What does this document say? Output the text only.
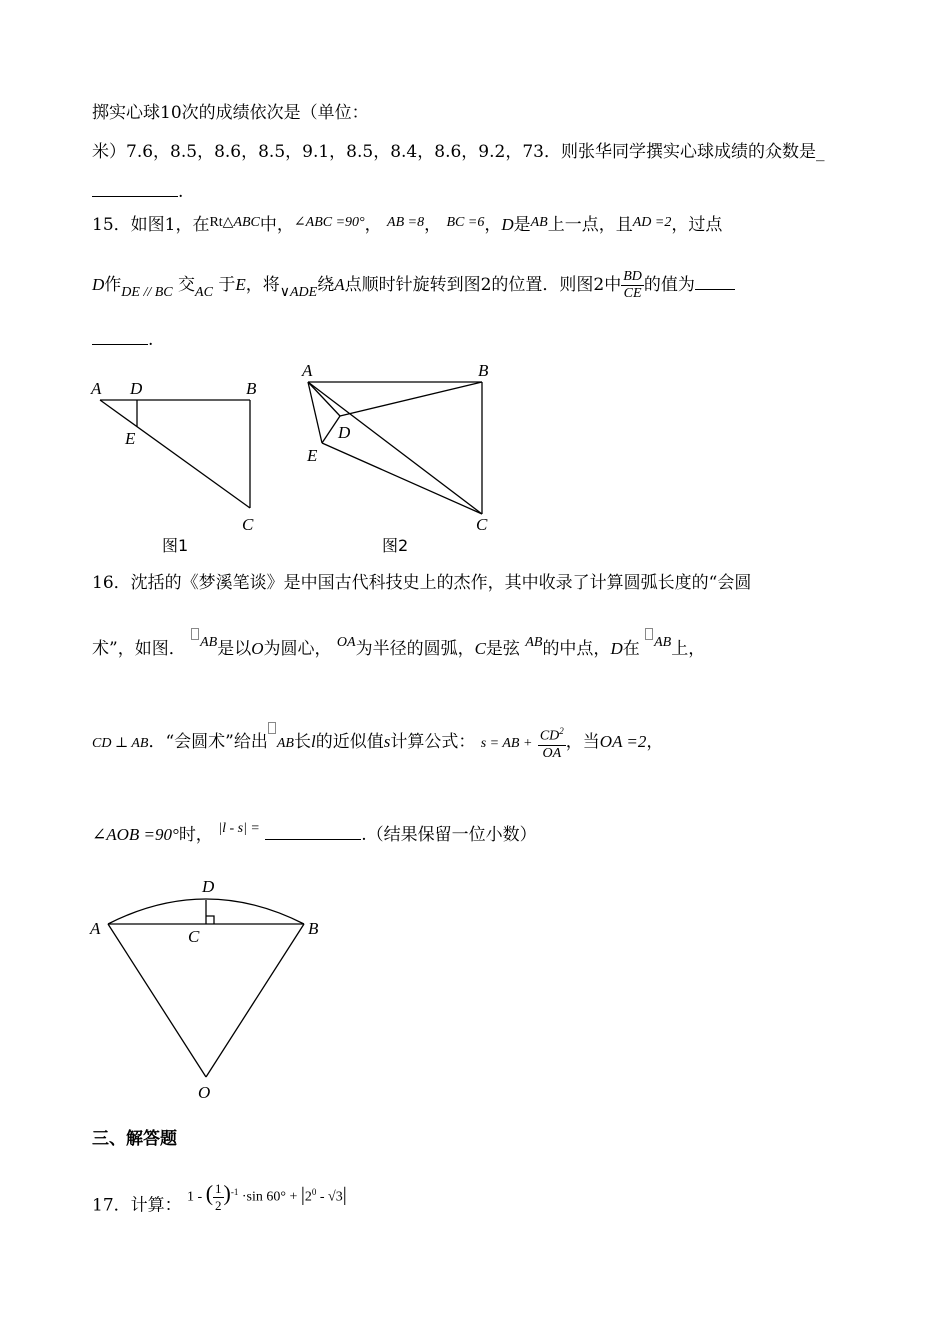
掷实心球10次的成绩依次是（单位：
米）7.6，8.5，8.6，8.5，9.1，8.5，8.4，8.6，9.2，73．则张华同学撰实心球成绩的众数是_
.
15．如图1，在$^{Rt\triangle ABC}$中，$^{\angle ABC =90^\circ}$， $^{AB =8}$， $^{BC =6}$，D是$^{AB}$上一点，且$^{AD =2}$，过点
D作$_{DE // BC}$ 交$_{AC}$ 于E，将$_{\vee ADE}$绕A点顺时针旋转到图2的位置．则图2中 $\frac{BD}{CE}$ 的值为
.
A D	B
E
C
图1
A	B
D
E
C
图2
16．沈括的《梦溪笔谈》是中国古代科技史上的杰作，其中收录了计算圆弧长度的“会圆
术”，如图． $^{AB}$是以O为圆心， $^{OA}$为半径的圆弧，C是弦 $^{AB}$的中点，D在 $^{AB}$上，
CD ⊥ AB．“会圆术”给出 AB长l的近似值s计算公式： s = AB + $\frac{CD^2}{OA}$ ，当OA =2，
∠AOB =90°时， $^{|l - s| =}$	.（结果保留一位小数）
D
A	B
C
O
三、解答题
17．计算： 1 - ( $\frac{1}{2} )^{-1} \cdot\sin$ $60^\circ + |2^0 - √3|$
